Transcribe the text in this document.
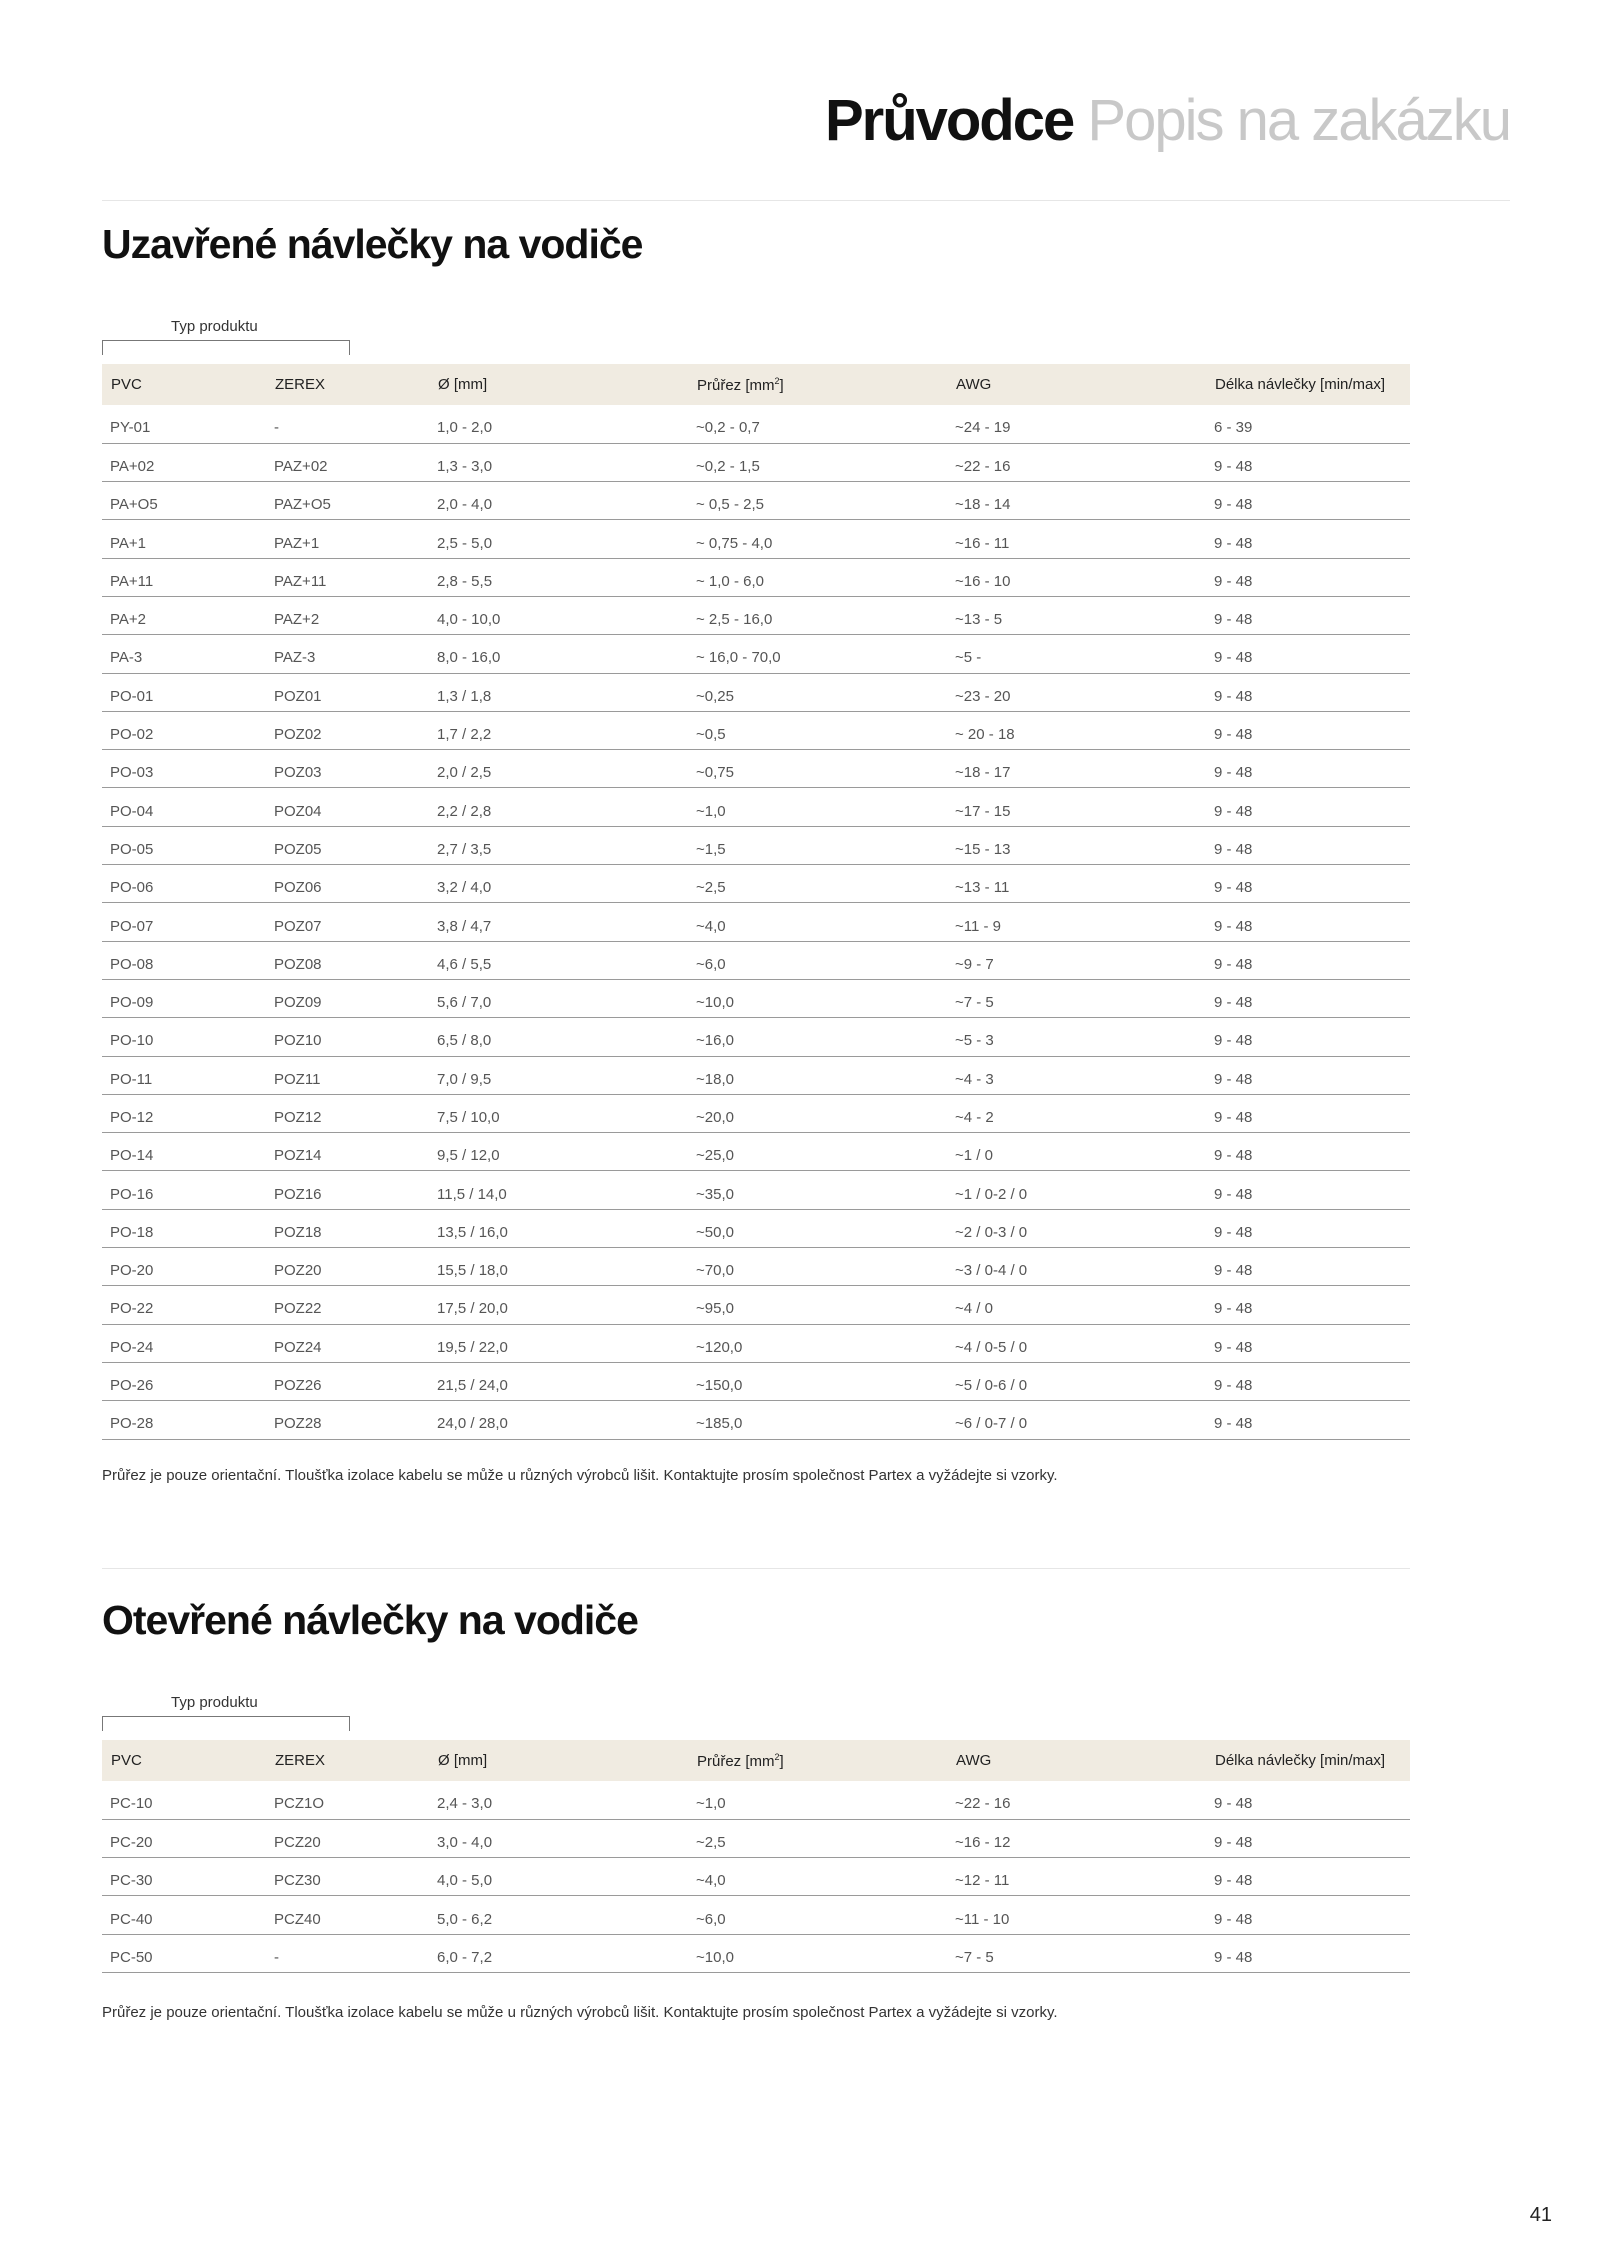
Průvodce Popis na zakázku
Uzavřené návlečky na vodiče
Typ produktu
PVC	ZEREX	Ø [mm]	Průřez $[mm^2]$	AWG	Délka návlečky [min/max]
PY-01	-	1,0 - 2,0	~0,2 - 0,7	~24 - 19	6 - 39
PA+02	PAZ+02	1,3 - 3,0	~0,2 - 1,5	~22 - 16	9 - 48
PA+O5	PAZ+O5	2,0 - 4,0	~ 0,5 - 2,5	~18 - 14	9 - 48
PA+1	PAZ+1	2,5 - 5,0	~ 0,75 - 4,0	~16 - 11	9 - 48
PA+11	PAZ+11	2,8 - 5,5	~ 1,0 - 6,0	~16 - 10	9 - 48
PA+2	PAZ+2	4,0 - 10,0	~ 2,5 - 16,0	~13 - 5	9 - 48
PA-3	PAZ-3	8,0 - 16,0	~ 16,0 - 70,0	~5 -	9 - 48
PO-01	POZ01	1,3 / 1,8	~0,25	~23 - 20	9 - 48
PO-02	POZ02	1,7 / 2,2	~0,5	~ 20 - 18	9 - 48
PO-03	POZ03	2,0 / 2,5	~0,75	~18 - 17	9 - 48
PO-04	POZ04	2,2 / 2,8	~1,0	~17 - 15	9 - 48
PO-05	POZ05	2,7 / 3,5	~1,5	~15 - 13	9 - 48
PO-06	POZ06	3,2 / 4,0	~2,5	~13 - 11	9 - 48
PO-07	POZ07	3,8 / 4,7	~4,0	~11 - 9	9 - 48
PO-08	POZ08	4,6 / 5,5	~6,0	~9 - 7	9 - 48
PO-09	POZ09	5,6 / 7,0	~10,0	~7 - 5	9 - 48
PO-10	POZ10	6,5 / 8,0	~16,0	~5 - 3	9 - 48
PO-11	POZ11	7,0 / 9,5	~18,0	~4 - 3	9 - 48
PO-12	POZ12	7,5 / 10,0	~20,0	~4 - 2	9 - 48
PO-14	POZ14	9,5 / 12,0	~25,0	~1 / 0	9 - 48
PO-16	POZ16	11,5 / 14,0	~35,0	~1 / 0-2 / 0	9 - 48
PO-18	POZ18	13,5 / 16,0	~50,0	~2 / 0-3 / 0	9 - 48
PO-20	POZ20	15,5 / 18,0	~70,0	~3 / 0-4 / 0	9 - 48
PO-22	POZ22	17,5 / 20,0	~95,0	~4 / 0	9 - 48
PO-24	POZ24	19,5 / 22,0	~120,0	~4 / 0-5 / 0	9 - 48
PO-26	POZ26	21,5 / 24,0	~150,0	~5 / 0-6 / 0	9 - 48
PO-28	POZ28	24,0 / 28,0	~185,0	~6 / 0-7 / 0	9 - 48
Průřez je pouze orientační. Tloušťka izolace kabelu se může u různých výrobců lišit. Kontaktujte prosím společnost Partex a vyžádejte si vzorky.
Otevřené návlečky na vodiče
Typ produktu
PVC	ZEREX	Ø [mm]	Průřez $[mm^2]$	AWG	Délka návlečky [min/max]
PC-10	PCZ1O	2,4 - 3,0	~1,0	~22 - 16	9 - 48
PC-20	PCZ20	3,0 - 4,0	~2,5	~16 - 12	9 - 48
PC-30	PCZ30	4,0 - 5,0	~4,0	~12 - 11	9 - 48
PC-40	PCZ40	5,0 - 6,2	~6,0	~11 - 10	9 - 48
PC-50	-	6,0 - 7,2	~10,0	~7 - 5	9 - 48
Průřez je pouze orientační. Tloušťka izolace kabelu se může u různých výrobců lišit. Kontaktujte prosím společnost Partex a vyžádejte si vzorky.
41
